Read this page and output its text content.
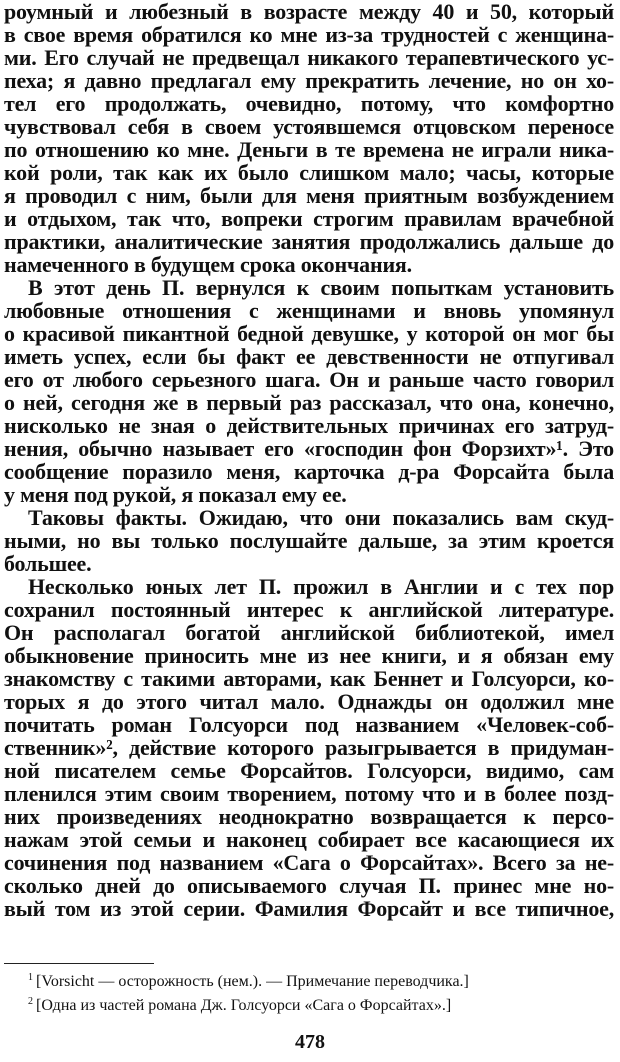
роумный и любезный в возрасте между 40 и 50, который
в свое время обратился ко мне из-за трудностей с женщина-
ми. Его случай не предвещал никакого терапевтического ус-
пеха; я давно предлагал ему прекратить лечение, но он хо-
тел его продолжать, очевидно, потому, что комфортно
чувствовал себя в своем устоявшемся отцовском переносе
по отношению ко мне. Деньги в те времена не играли ника-
кой роли, так как их было слишком мало; часы, которые
я проводил с ним, были для меня приятным возбуждением
и отдыхом, так что, вопреки строгим правилам врачебной
практики, аналитические занятия продолжались дальше до
намеченного в будущем срока окончания.
В этот день П. вернулся к своим попыткам установить
любовные отношения с женщинами и вновь упомянул
о красивой пикантной бедной девушке, у которой он мог бы
иметь успех, если бы факт ее девственности не отпугивал
его от любого серьезного шага. Он и раньше часто говорил
о ней, сегодня же в первый раз рассказал, что она, конечно,
нисколько не зная о действительных причинах его затруд-
нения, обычно называет его «господин фон Форзихт»¹. Это
сообщение поразило меня, карточка д-ра Форсайта была
у меня под рукой, я показал ему ее.
Таковы факты. Ожидаю, что они показались вам скуд-
ными, но вы только послушайте дальше, за этим кроется
большее.
Несколько юных лет П. прожил в Англии и с тех пор
сохранил постоянный интерес к английской литературе.
Он располагал богатой английской библиотекой, имел
обыкновение приносить мне из нее книги, и я обязан ему
знакомству с такими авторами, как Беннет и Голсуорси, ко-
торых я до этого читал мало. Однажды он одолжил мне
почитать роман Голсуорси под названием «Человек-соб-
ственник»², действие которого разыгрывается в придуман-
ной писателем семье Форсайтов. Голсуорси, видимо, сам
пленился этим своим творением, потому что и в более позд-
них произведениях неоднократно возвращается к персо-
нажам этой семьи и наконец собирает все касающиеся их
сочинения под названием «Сага о Форсайтах». Всего за не-
сколько дней до описываемого случая П. принес мне но-
вый том из этой серии. Фамилия Форсайт и все типичное,
$^1$ [Vorsicht — осторожность (нем.). — Примечание переводчика.]
$^2$ [Одна из частей романа Дж. Голсуорси «Сага о Форсайтах».]
478
